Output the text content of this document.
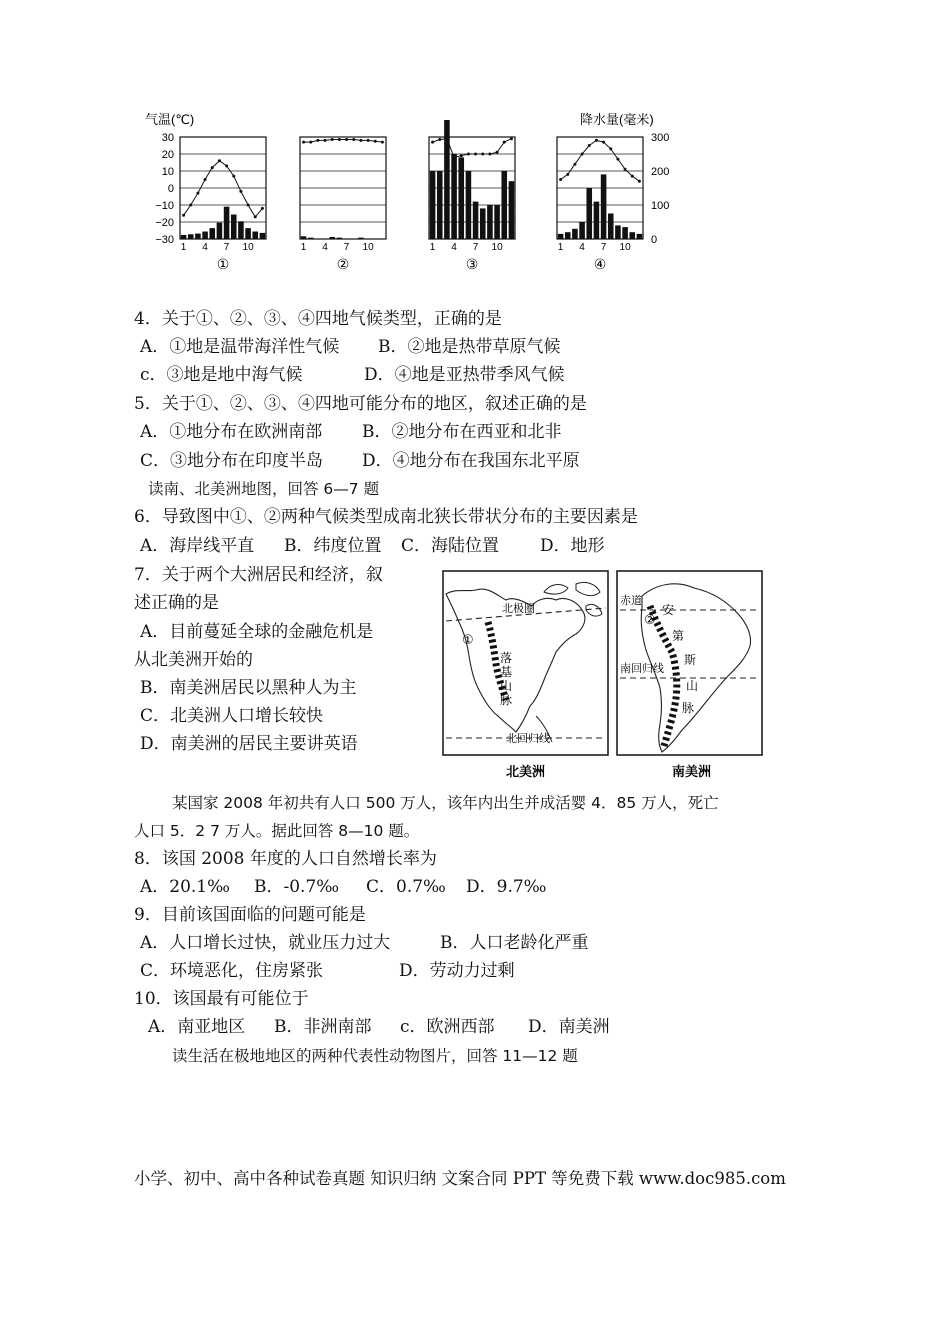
气温(℃)	降水量(毫米)
30
20
10
0
−10
−20
−30
300
200
100
0
1 4 7 10
①
1 4 7 10
②
1 4 7 10
③
1 4 7 10
④
4．关于①、②、③、④四地气候类型，正确的是
A．①地是温带海洋性气候 B．②地是热带草原气候
c．③地是地中海气候	D．④地是亚热带季风气候
5．关于①、②、③、④四地可能分布的地区，叙述正确的是
A．①地分布在欧洲南部 B．②地分布在西亚和北非
C．③地分布在印度半岛 D．④地分布在我国东北平原
读南、北美洲地图，回答 6—7 题
6．导致图中①、②两种气候类型成南北狭长带状分布的主要因素是
A．海岸线平直 B．纬度位置 C．海陆位置 D．地形
7．关于两个大洲居民和经济，叙
述正确的是
A．目前蔓延全球的金融危机是
从北美洲开始的
B．南美洲居民以黑种人为主
C．北美洲人口增长较快
D．南美洲的居民主要讲英语
①
北极圈
落
基
山
脉
北回归线
北美洲
赤道
②
南回归线
安
第
斯
山
脉
南美洲
某国家 2008 年初共有人口 500 万人，该年内出生并成活婴 4．85 万人，死亡
人口 5．2 7 万人。据此回答 8—10 题。
8．该国 2008 年度的人口自然增长率为
A．20.1‰ B．-0.7‰ C．0.7‰ D．9.7‰
9．目前该国面临的问题可能是
A．人口增长过快，就业压力过大	B．人口老龄化严重
C．环境恶化，住房紧张	D．劳动力过剩
10．该国最有可能位于
A．南亚地区 B．非洲南部 c．欧洲西部 D．南美洲
读生活在极地地区的两种代表性动物图片，回答 11—12 题
小学、初中、高中各种试卷真题 知识归纳 文案合同 PPT 等免费下载 www.doc985.com
